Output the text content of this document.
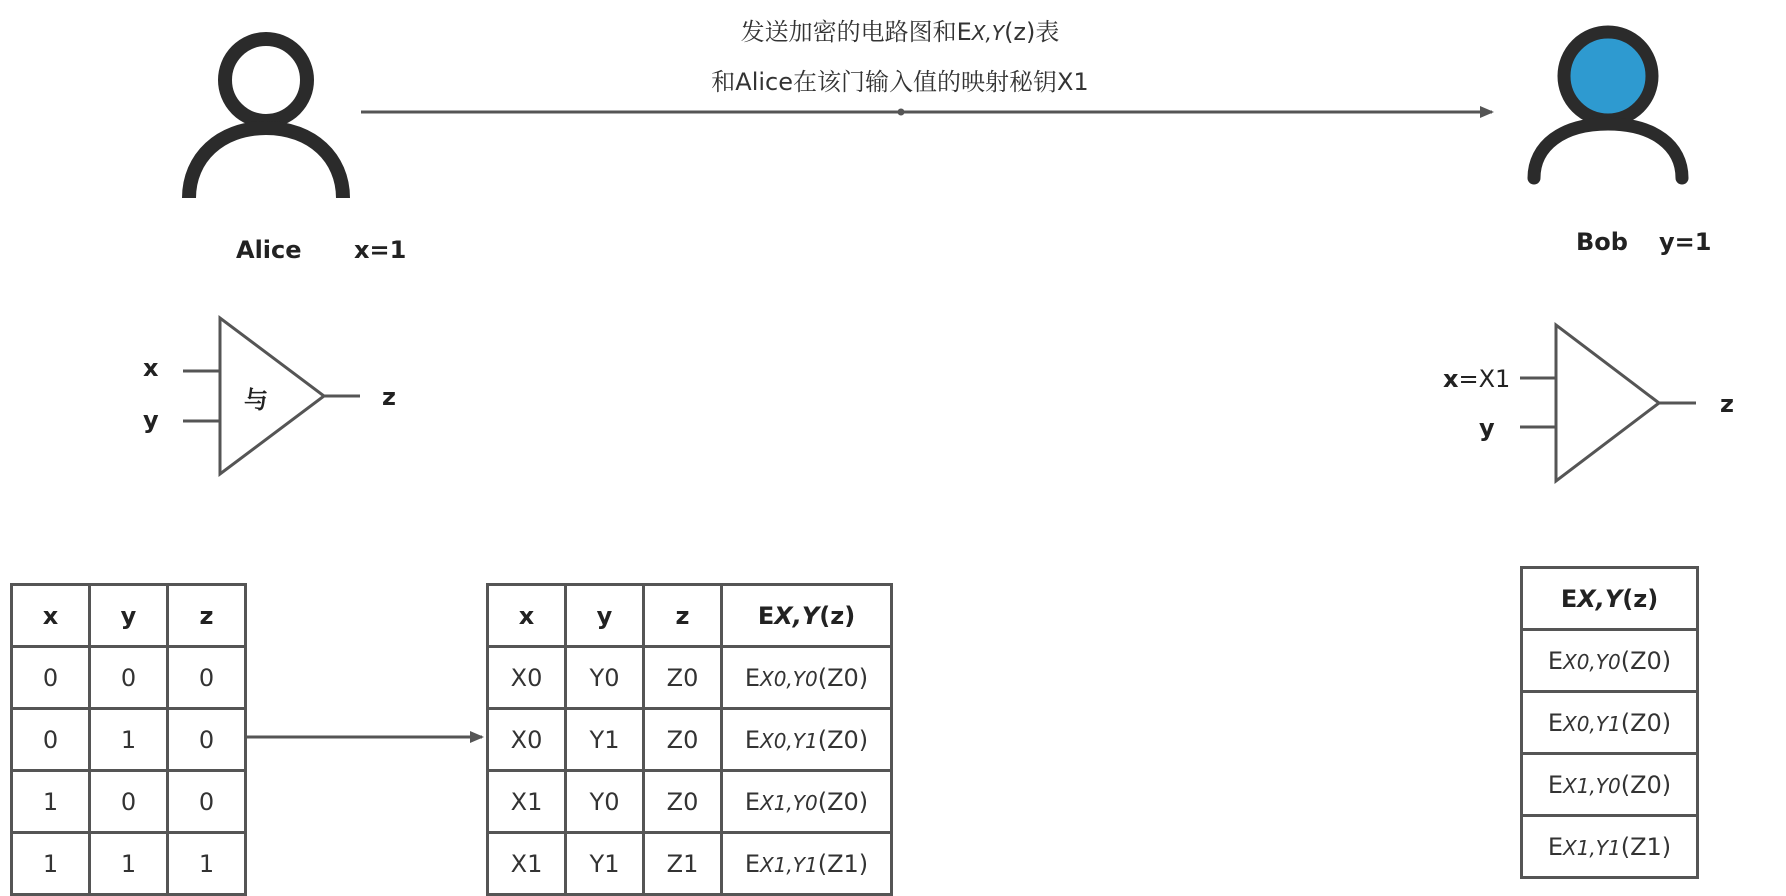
发送加密的电路图和EX,Y(z)表
和Alice在该门输入值的映射秘钥X1
Alice x=1
x
y
与	z
Bob y=1
x=X1
y
z
x	y	z
0	0	0
0	1	0
1	0	0
1	1	1
x	y	z	EX,Y(z)
X0	Y0	Z0	EX0,Y0(Z0)
X0	Y1	Z0	EX0,Y1(Z0)
X1	Y0	Z0	EX1,Y0(Z0)
X1	Y1	Z1	EX1,Y1(Z1)
EX,Y(z)
EX0,Y0(Z0)
EX0,Y1(Z0)
EX1,Y0(Z0)
EX1,Y1(Z1)
